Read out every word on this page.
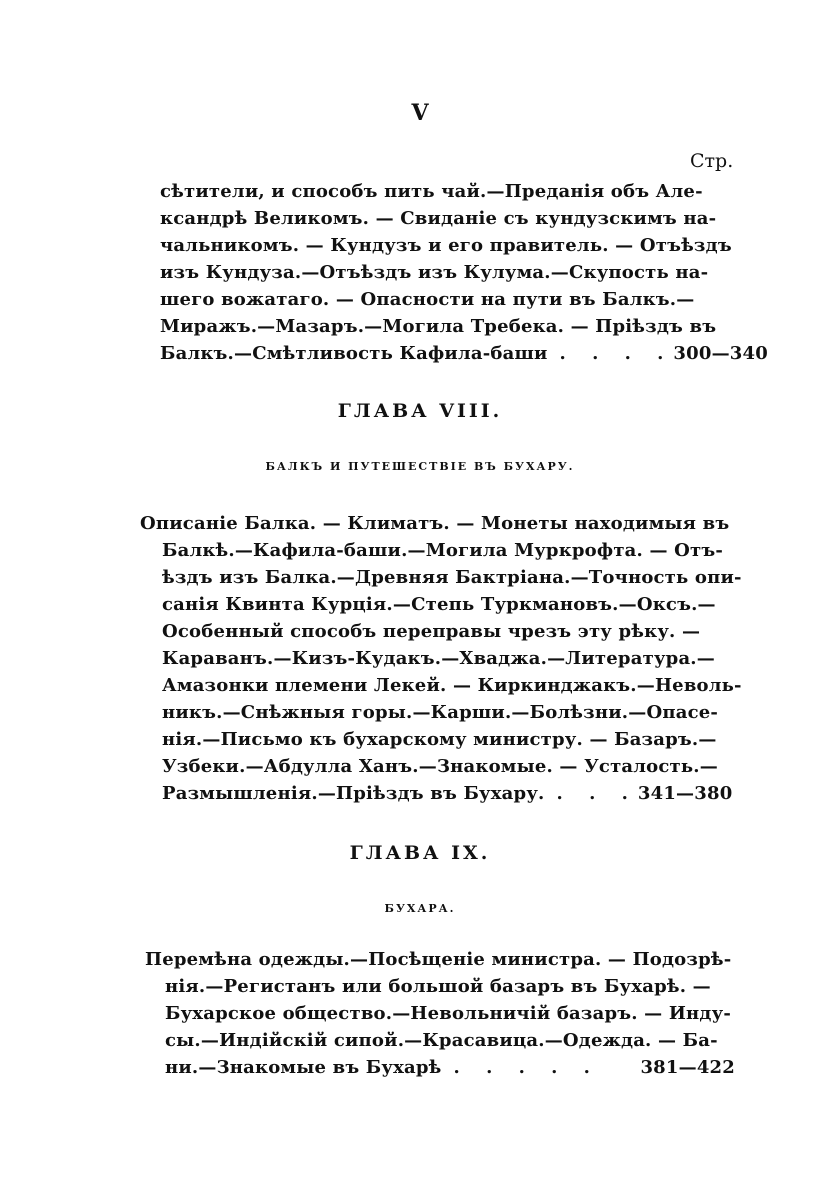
V
Стр.
сѣтители, и способъ пить чай.—Преданія объ Але-
ксандрѣ Великомъ. — Свиданіе съ кундузскимъ на-
чальникомъ. — Кундузъ и его правитель. — Отъѣздъ
изъ Кундуза.—Отъѣздъ изъ Кулума.—Скупость на-
шего вожатаго. — Опасности на пути въ Балкъ.—
Миражъ.—Мазаръ.—Могила Требека. — Пріѣздъ въ
Балкъ.—Смѣтливость Кафила-баши . . . . 300—340
ГЛАВА VIII.
БАЛКЪ И ПУТЕШЕСТВІЕ ВЪ БУХАРУ.
Описаніе Балка. — Климатъ. — Монеты находимыя въ
Балкѣ.—Кафила-баши.—Могила Муркрофта. — Отъ-
ѣздъ изъ Балка.—Древняя Бактріана.—Точность опи-
санія Квинта Курція.—Степь Туркмановъ.—Оксъ.—
Особенный способъ переправы чрезъ эту рѣку. —
Караванъ.—Кизъ-Кудакъ.—Хваджа.—Литература.—
Амазонки племени Лекей. — Киркинджакъ.—Неволь-
никъ.—Снѣжныя горы.—Карши.—Болѣзни.—Опасе-
нія.—Письмо къ бухарскому министру. — Базаръ.—
Узбеки.—Абдулла Ханъ.—Знакомые. — Усталость.—
Размышленія.—Пріѣздъ въ Бухару. . . . 341—380
ГЛАВА IX.
БУХАРА.
Перемѣна одежды.—Посѣщеніе министра. — Подозрѣ-
нія.—Регистанъ или большой базаръ въ Бухарѣ. —
Бухарское общество.—Невольничій базаръ. — Инду-
сы.—Индійскій сипой.—Красавица.—Одежда. — Ба-
ни.—Знакомые въ Бухарѣ . . . . .	381—422
